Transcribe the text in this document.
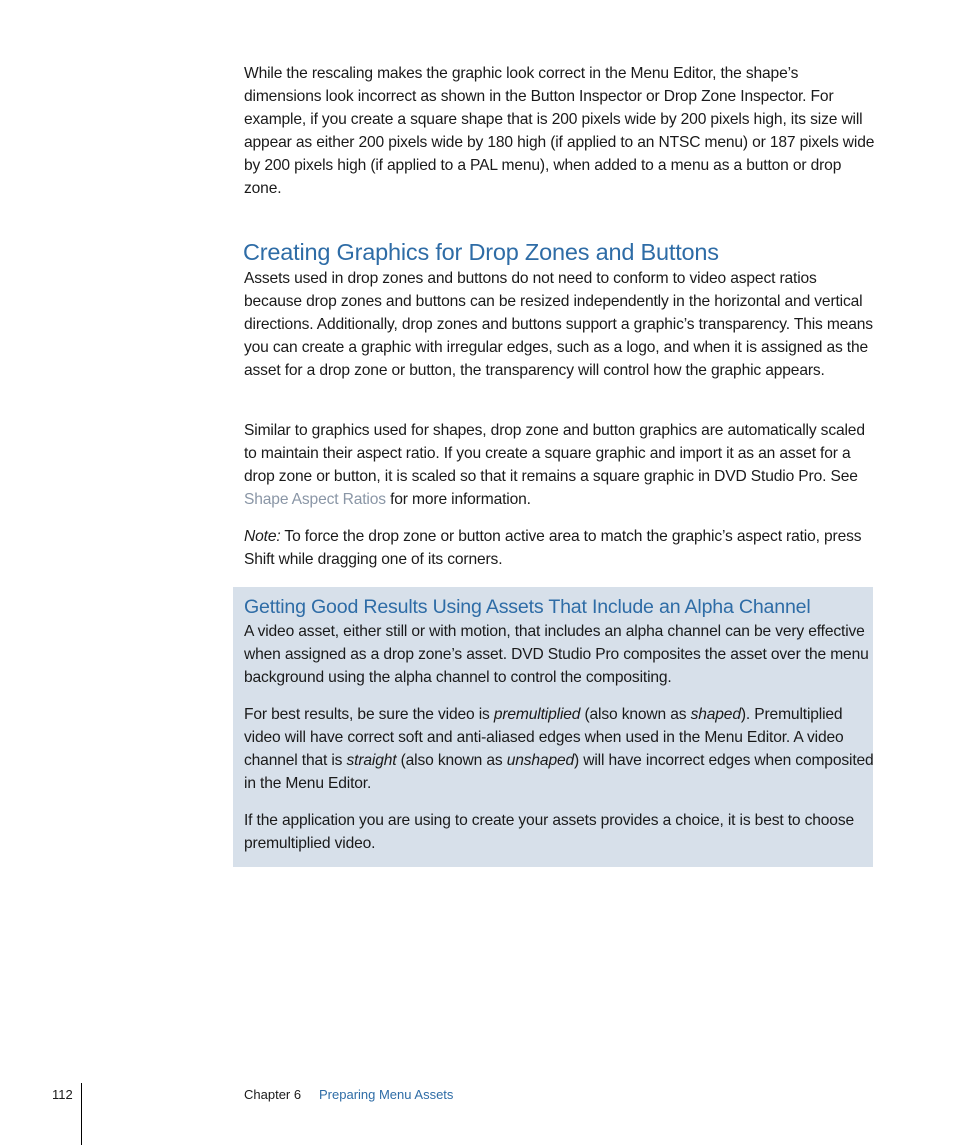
While the rescaling makes the graphic look correct in the Menu Editor, the shape’s dimensions look incorrect as shown in the Button Inspector or Drop Zone Inspector. For example, if you create a square shape that is 200 pixels wide by 200 pixels high, its size will appear as either 200 pixels wide by 180 high (if applied to an NTSC menu) or 187 pixels wide by 200 pixels high (if applied to a PAL menu), when added to a menu as a button or drop zone.

Creating Graphics for Drop Zones and Buttons

Assets used in drop zones and buttons do not need to conform to video aspect ratios because drop zones and buttons can be resized independently in the horizontal and vertical directions. Additionally, drop zones and buttons support a graphic’s transparency. This means you can create a graphic with irregular edges, such as a logo, and when it is assigned as the asset for a drop zone or button, the transparency will control how the graphic appears.

Similar to graphics used for shapes, drop zone and button graphics are automatically scaled to maintain their aspect ratio. If you create a square graphic and import it as an asset for a drop zone or button, it is scaled so that it remains a square graphic in DVD Studio Pro. See Shape Aspect Ratios for more information.

Note: To force the drop zone or button active area to match the graphic’s aspect ratio, press Shift while dragging one of its corners.

Getting Good Results Using Assets That Include an Alpha Channel

A video asset, either still or with motion, that includes an alpha channel can be very effective when assigned as a drop zone’s asset. DVD Studio Pro composites the asset over the menu background using the alpha channel to control the compositing.

For best results, be sure the video is premultiplied (also known as shaped). Premultiplied video will have correct soft and anti-aliased edges when used in the Menu Editor. A video channel that is straight (also known as unshaped) will have incorrect edges when composited in the Menu Editor.

If the application you are using to create your assets provides a choice, it is best to choose premultiplied video.

112	Chapter 6 Preparing Menu Assets
